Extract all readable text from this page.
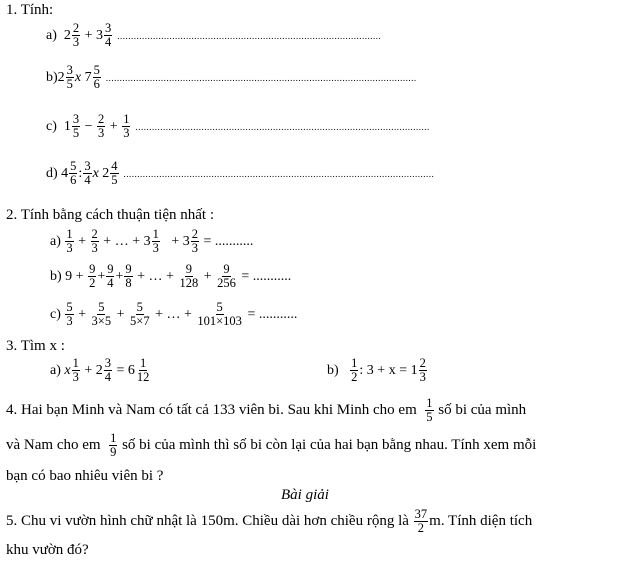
1. Tính:
a)
$2 \frac{2}{3}$
+
$3 \frac{3}{4}$ ................................................................................................
b) $2 \frac{3}{5}$ x
$7 \frac{5}{6}$ .................................................................................................................
c)
$1 \frac{3}{5}$
−
$\frac{2}{3}$
+
$\frac{1}{3}$ ...........................................................................................................
d)
$4 \frac{5}{6}$ : $\frac{3}{4}$ x
$2 \frac{4}{5}$ .................................................................................................................
2. Tính bằng cách thuận tiện nhất :
a)
$\frac{1}{3}$
+
$\frac{2}{3}$
+ … + $3 \frac{1}{3}$
+ $3 \frac{2}{3}$
= ...........
b)
9 +
$\frac{9}{2} + \frac{9}{4} + \frac{9}{8}$
+ … +
$\frac{9}{128}$
+
$\frac{9}{256}$
= ...........
c)
$\frac{5}{3}$
+
$\frac{5}{3\times 5}$
+
$\frac{5}{5\times 7}$
+ … +
$\frac{5}{101\times 103}$
= ...........
3. Tìm x :
a)
x $\frac{1}{3}$
+ $2 \frac{3}{4}$
= $6 \frac{1}{12}$	b)
$\frac{1}{2}$ : $3 + x = 1 \frac{2}{3}$
4. Hai bạn Minh và Nam có tất cả 133 viên bi. Sau khi Minh cho em
$\frac{1}{5}$
số bi của mình
và Nam cho em
$\frac{1}{9}$
số bi của mình thì số bi còn lại của hai bạn bằng nhau. Tính xem mỗi
bạn có bao nhiêu viên bi ?
Bài giải
5. Chu vi vườn hình chữ nhật là 150m. Chiều dài hơn chiều rộng là
$\frac{37}{2} m$. Tính diện tích
khu vườn đó?
